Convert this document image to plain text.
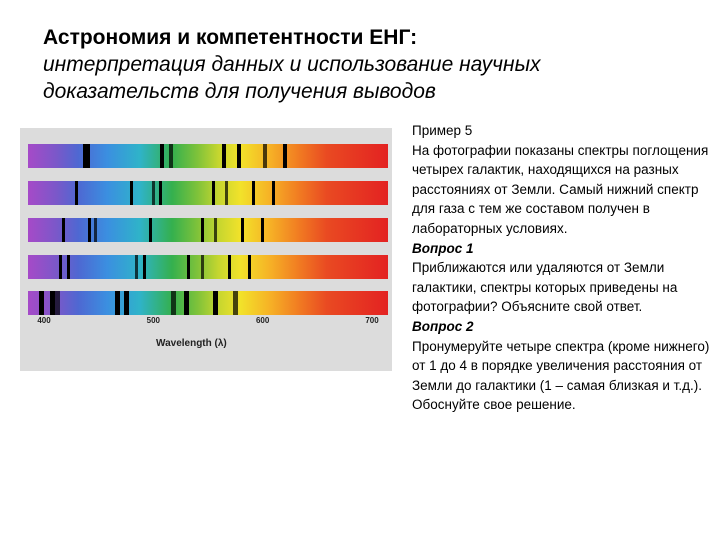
Астрономия и компетентности ЕНГ:
интерпретация данных и использование научных
доказательств для получения выводов
Wavelength (λ)
400	500	600	700

Пример 5

На фотографии показаны спектры поглощения четырех галактик, находящихся на разных расстояниях от Земли. Самый нижний спектр для газа с тем же составом получен в лабораторных условиях.

Вопрос 1

Приближаются или удаляются от Земли галактики, спектры которых приведены на фотографии? Объясните свой ответ.

Вопрос 2

Пронумеруйте четыре спектра (кроме нижнего) от 1 до 4 в порядке увеличения расстояния от Земли до галактики (1 – самая близкая и т.д.). Обоснуйте свое решение.
